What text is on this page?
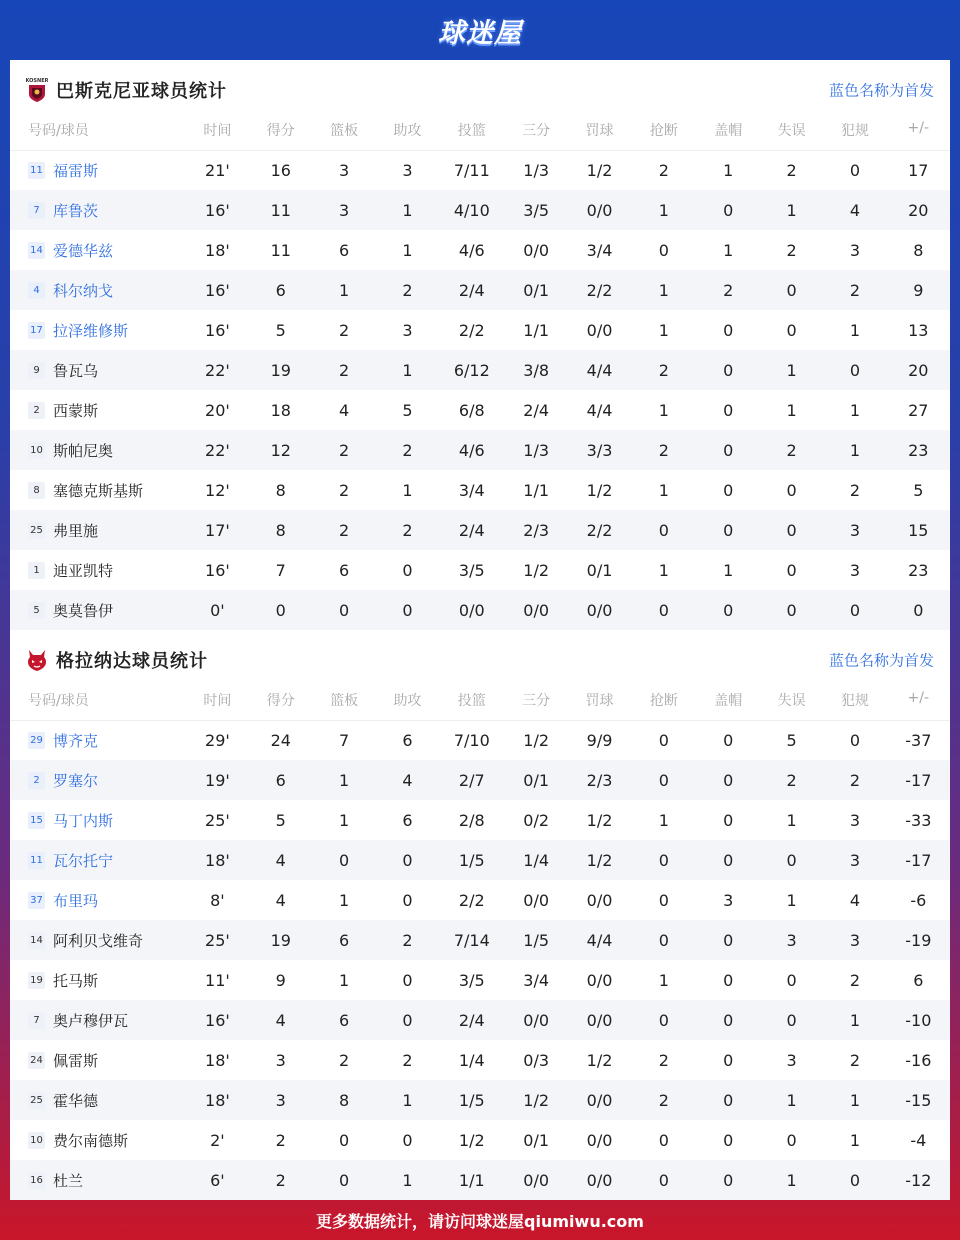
球迷屋
KOSNER 巴斯克尼亚球员统计	蓝色名称为首发
号码/球员	时间	得分	篮板	助攻	投篮	三分	罚球	抢断	盖帽	失误	犯规	+/-
11 福雷斯	21'	16	3	3	7/11	1/3	1/2	2	1	2	0	17
7 库鲁茨	16'	11	3	1	4/10	3/5	0/0	1	0	1	4	20
14 爱德华兹	18'	11	6	1	4/6	0/0	3/4	0	1	2	3	8
4 科尔纳戈	16'	6	1	2	2/4	0/1	2/2	1	2	0	2	9
17 拉泽维修斯	16'	5	2	3	2/2	1/1	0/0	1	0	0	1	13
9 鲁瓦乌	22'	19	2	1	6/12	3/8	4/4	2	0	1	0	20
2 西蒙斯	20'	18	4	5	6/8	2/4	4/4	1	0	1	1	27
10 斯帕尼奥	22'	12	2	2	4/6	1/3	3/3	2	0	2	1	23
8 塞德克斯基斯	12'	8	2	1	3/4	1/1	1/2	1	0	0	2	5
25 弗里施	17'	8	2	2	2/4	2/3	2/2	0	0	0	3	15
1 迪亚凯特	16'	7	6	0	3/5	1/2	0/1	1	1	0	3	23
5 奥莫鲁伊	0'	0	0	0	0/0	0/0	0/0	0	0	0	0	0
格拉纳达球员统计	蓝色名称为首发
号码/球员	时间	得分	篮板	助攻	投篮	三分	罚球	抢断	盖帽	失误	犯规	+/-
29 博齐克	29'	24	7	6	7/10	1/2	9/9	0	0	5	0	-37
2 罗塞尔	19'	6	1	4	2/7	0/1	2/3	0	0	2	2	-17
15 马丁内斯	25'	5	1	6	2/8	0/2	1/2	1	0	1	3	-33
11 瓦尔托宁	18'	4	0	0	1/5	1/4	1/2	0	0	0	3	-17
37 布里玛	8'	4	1	0	2/2	0/0	0/0	0	3	1	4	-6
14 阿利贝戈维奇	25'	19	6	2	7/14	1/5	4/4	0	0	3	3	-19
19 托马斯	11'	9	1	0	3/5	3/4	0/0	1	0	0	2	6
7 奥卢穆伊瓦	16'	4	6	0	2/4	0/0	0/0	0	0	0	1	-10
24 佩雷斯	18'	3	2	2	1/4	0/3	1/2	2	0	3	2	-16
25 霍华德	18'	3	8	1	1/5	1/2	0/0	2	0	1	1	-15
10 费尔南德斯	2'	2	0	0	1/2	0/1	0/0	0	0	0	1	-4
16 杜兰	6'	2	0	1	1/1	0/0	0/0	0	0	1	0	-12
更多数据统计，请访问球迷屋qiumiwu.com
